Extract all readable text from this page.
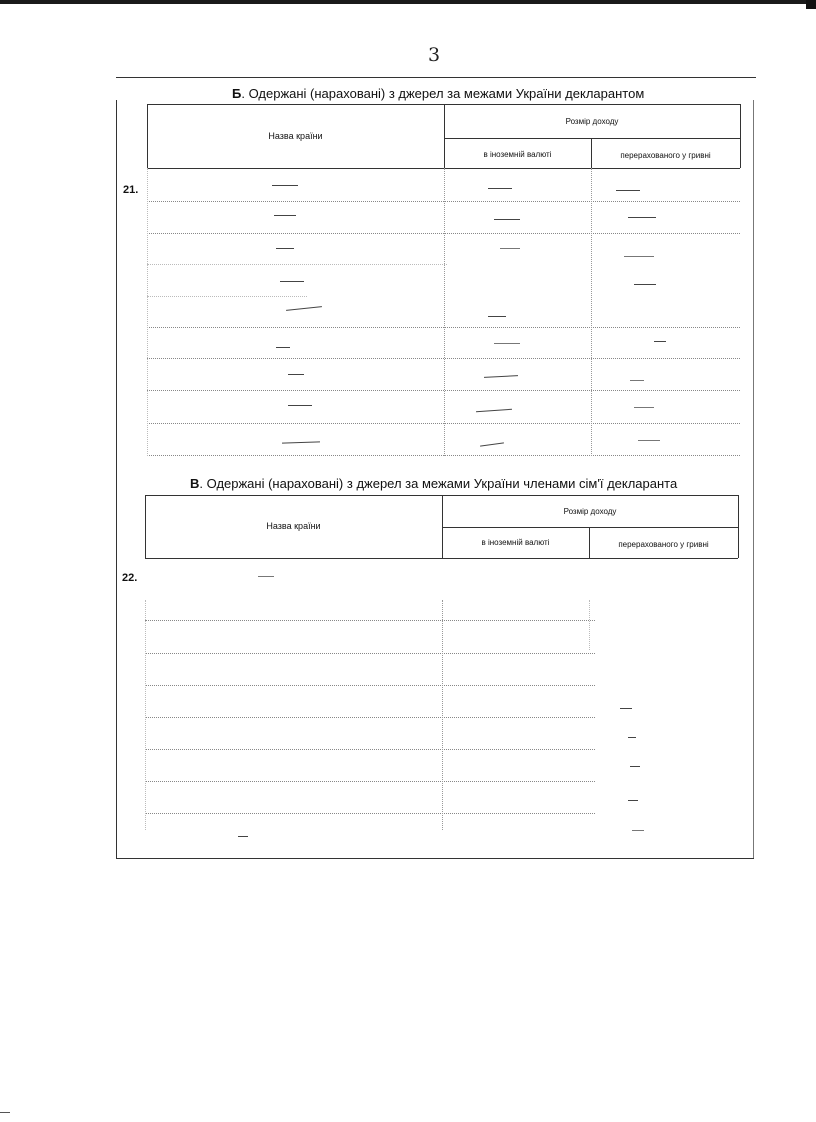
3
Б. Одержані (нараховані) з джерел за межами України декларантом
Назва країни
Розмір доходу
в іноземній валюті	перерахованого у гривні
21.
В. Одержані (нараховані) з джерел за межами України членами сім'ї декларанта
Назва країни
Розмір доходу
в іноземній валюті	перерахованого у гривні
22.
